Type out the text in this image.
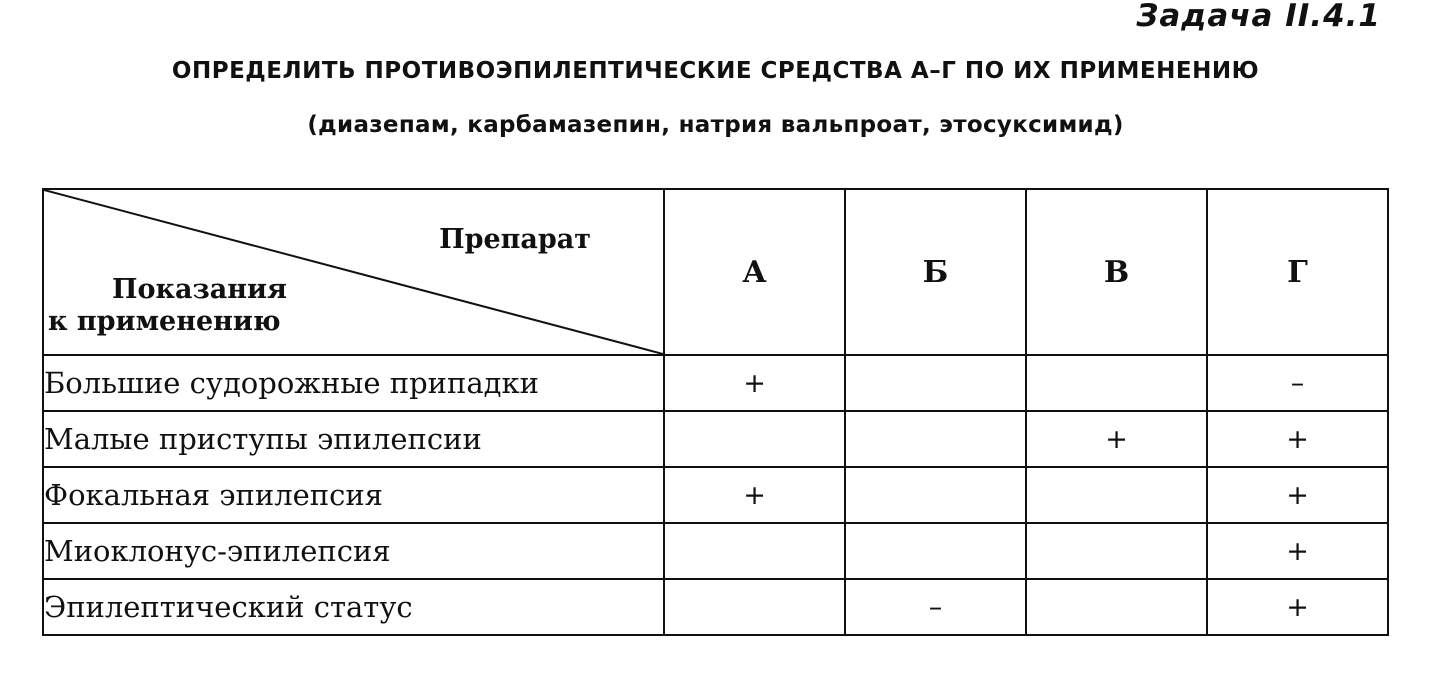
Задача II.4.1
ОПРЕДЕЛИТЬ ПРОТИВОЭПИЛЕПТИЧЕСКИЕ СРЕДСТВА А–Г ПО ИХ ПРИМЕНЕНИЮ
(диазепам, карбамазепин, натрия вальпроат, этосуксимид)
Препарат
Показания
к применению	А	Б	В	Г
Большие судорожные припадки	+			–
Малые приступы эпилепсии			+	+
Фокальная эпилепсия	+			+
Миоклонус-эпилепсия				+
Эпилептический статус		–		+
